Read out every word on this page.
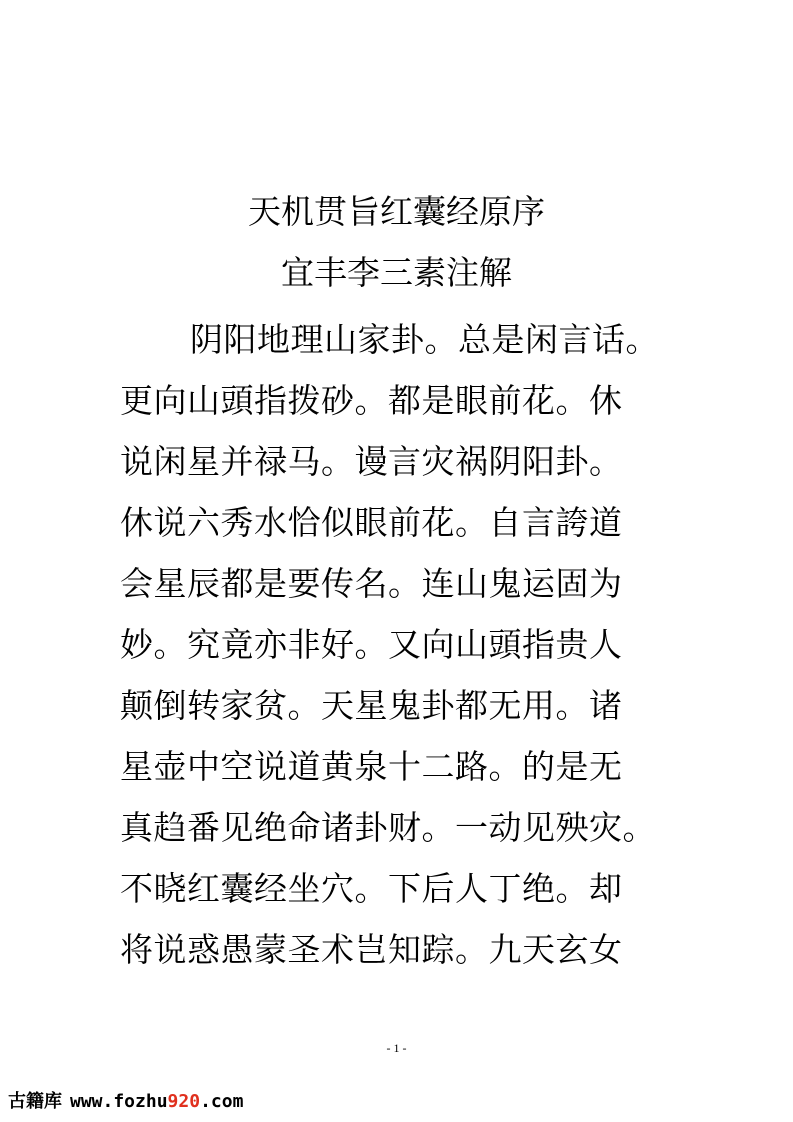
天机贯旨红囊经原序
宜丰李三素注解
阴阳地理山家卦。总是闲言话。
更向山頭指拨砂。都是眼前花。休
说闲星并禄马。谩言灾祸阴阳卦。
休说六秀水恰似眼前花。自言誇道
会星辰都是要传名。连山鬼运固为
妙。究竟亦非好。又向山頭指贵人
颠倒转家贫。天星鬼卦都无用。诸
星壶中空说道黄泉十二路。的是无
真趋番见绝命诸卦财。一动见殃灾。
不晓红囊经坐穴。下后人丁绝。却
将说惑愚蒙圣术岂知踪。九天玄女
- 1 -
古籍库 www.fozhu920.com
